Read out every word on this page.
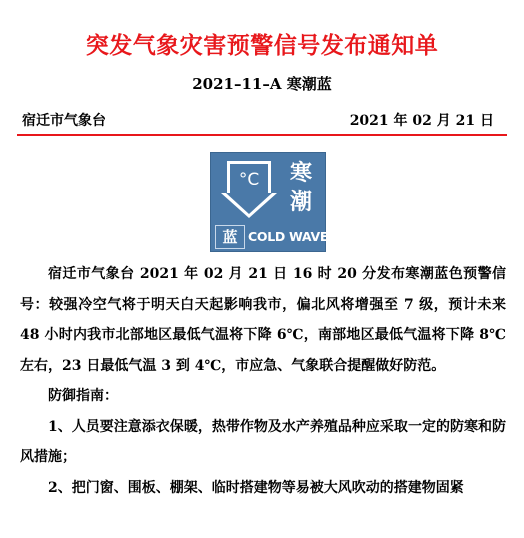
突发气象灾害预警信号发布通知单
2021–11–A 寒潮蓝
宿迁市气象台	2021 年 02 月 21 日
°C 寒
潮
蓝 COLD WAVE

宿迁市气象台 2021 年 02 月 21 日 16 时 20 分发布寒潮蓝色预警信号：较强冷空气将于明天白天起影响我市，偏北风将增强至 7 级，预计未来 48 小时内我市北部地区最低气温将下降 6℃，南部地区最低气温将下降 8℃左右，23 日最低气温 3 到 4℃，市应急、气象联合提醒做好防范。

防御指南：

1、人员要注意添衣保暖，热带作物及水产养殖品种应采取一定的防寒和防风措施；

2、把门窗、围板、棚架、临时搭建物等易被大风吹动的搭建物固紧
